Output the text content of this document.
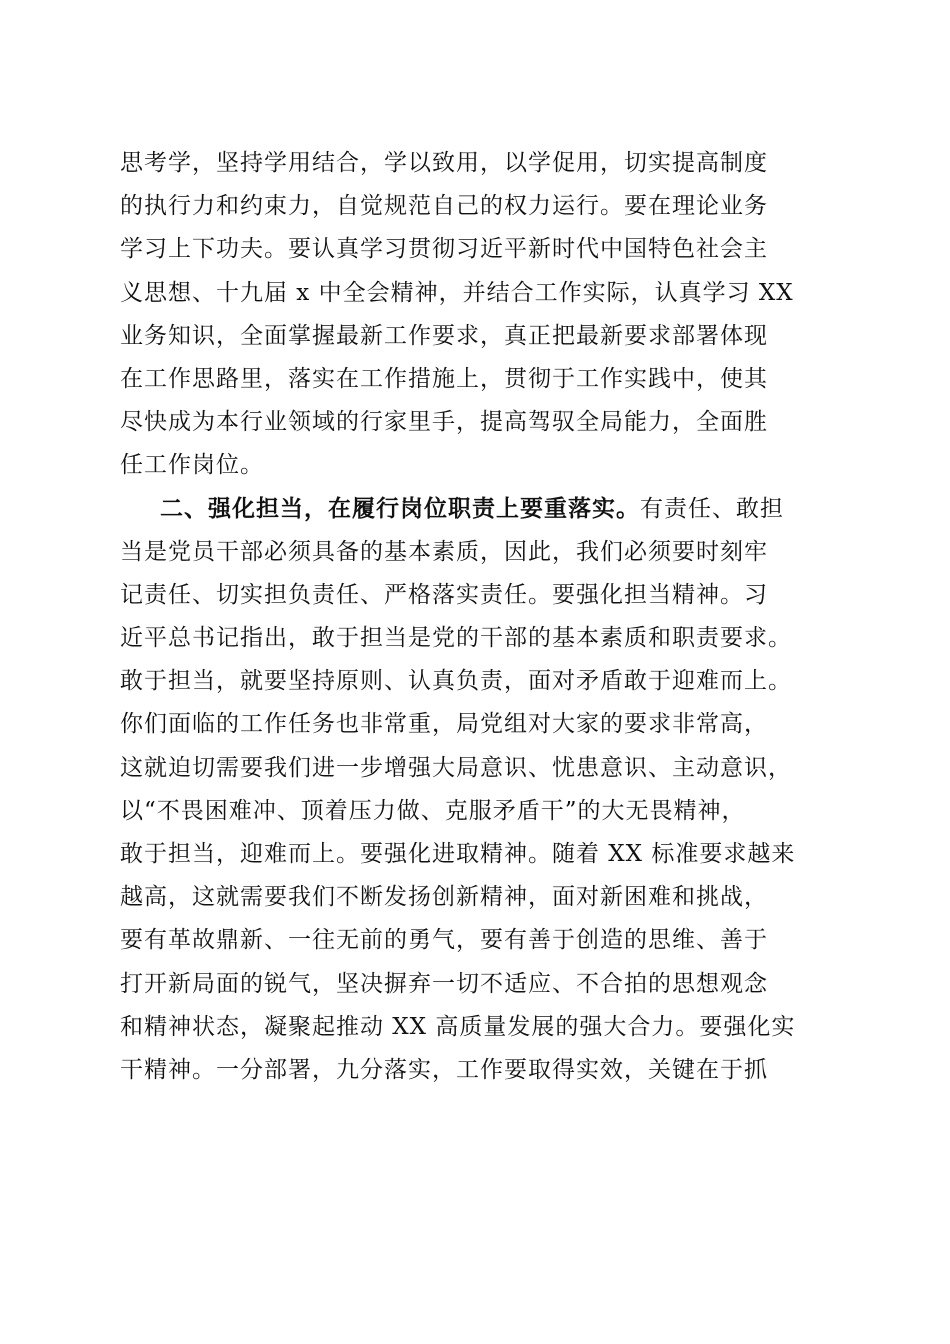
思考学，坚持学用结合，学以致用，以学促用，切实提高制度
的执行力和约束力，自觉规范自己的权力运行。要在理论业务
学习上下功夫。要认真学习贯彻习近平新时代中国特色社会主
义思想、十九届 x 中全会精神，并结合工作实际，认真学习 XX
业务知识，全面掌握最新工作要求，真正把最新要求部署体现
在工作思路里，落实在工作措施上，贯彻于工作实践中，使其
尽快成为本行业领域的行家里手，提高驾驭全局能力，全面胜
任工作岗位。
二、强化担当，在履行岗位职责上要重落实。有责任、敢担
当是党员干部必须具备的基本素质，因此，我们必须要时刻牢
记责任、切实担负责任、严格落实责任。要强化担当精神。习
近平总书记指出，敢于担当是党的干部的基本素质和职责要求。
敢于担当，就要坚持原则、认真负责，面对矛盾敢于迎难而上。
你们面临的工作任务也非常重，局党组对大家的要求非常高，
这就迫切需要我们进一步增强大局意识、忧患意识、主动意识，
以“不畏困难冲、顶着压力做、克服矛盾干”的大无畏精神，
敢于担当，迎难而上。要强化进取精神。随着 XX 标准要求越来
越高，这就需要我们不断发扬创新精神，面对新困难和挑战，
要有革故鼎新、一往无前的勇气，要有善于创造的思维、善于
打开新局面的锐气，坚决摒弃一切不适应、不合拍的思想观念
和精神状态，凝聚起推动 XX 高质量发展的强大合力。要强化实
干精神。一分部署，九分落实，工作要取得实效，关键在于抓
